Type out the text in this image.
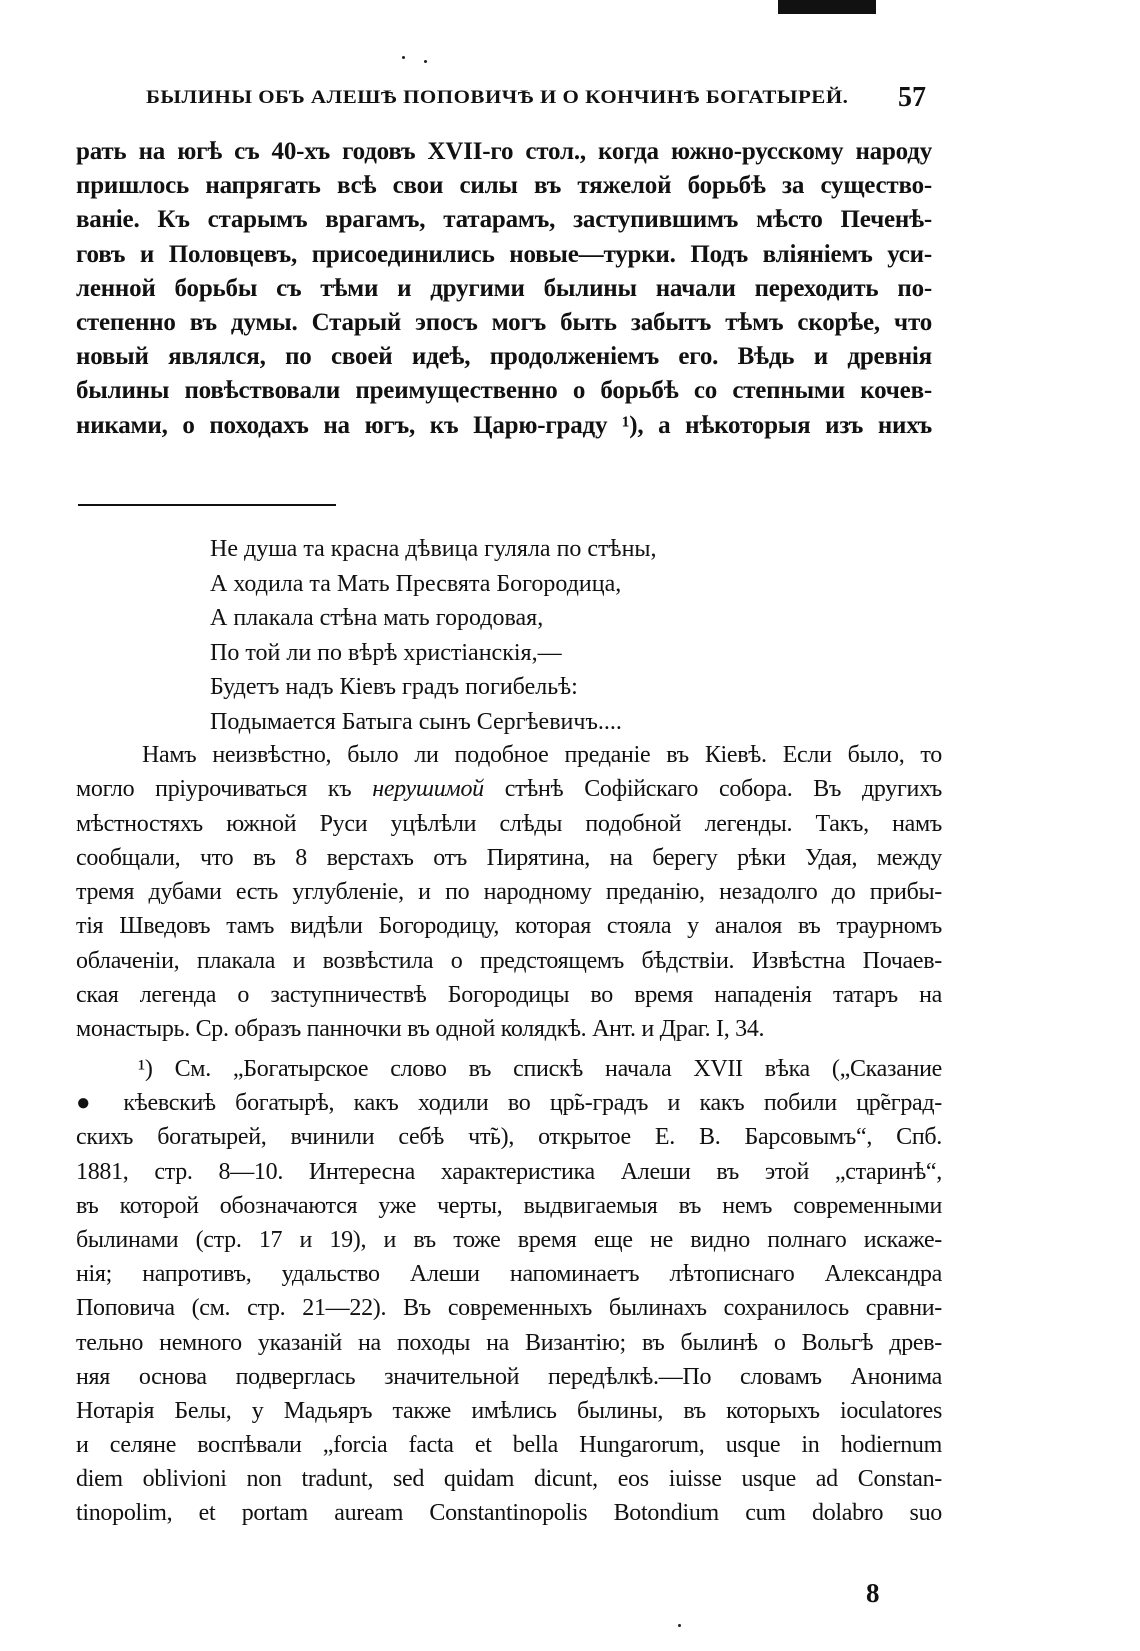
БЫЛИНЫ ОБЪ АЛЕШѢ ПОПОВИЧѢ И О КОНЧИНѢ БОГАТЫРЕЙ. 57
рать на югѣ съ 40-хъ годовъ XVII-го стол., когда южно-русскому народу
пришлось напрягать всѣ свои силы въ тяжелой борьбѣ за существо-
ваніе. Къ старымъ врагамъ, татарамъ, заступившимъ мѣсто Печенѣ-
говъ и Половцевъ, присоединились новые—турки. Подъ вліяніемъ уси-
ленной борьбы съ тѣми и другими былины начали переходить по-
степенно въ думы. Старый эпосъ могъ быть забытъ тѣмъ скорѣе, что
новый являлся, по своей идеѣ, продолженіемъ его. Вѣдь и древнія
былины повѣствовали преимущественно о борьбѣ со степными кочев-
никами, о походахъ на югъ, къ Царю-граду ¹), а нѣкоторыя изъ нихъ
Не душа та красна дѣвица гуляла по стѣны,
А ходила та Мать Пресвята Богородица,
А плакала стѣна мать городовая,
По той ли по вѣрѣ христіанскія,—
Будетъ надъ Кіевъ градъ погибельѣ:
Подымается Батыга сынъ Сергѣевичъ....
Намъ неизвѣстно, было ли подобное преданіе въ Кіевѣ. Если было, то
могло пріурочиваться къ нерушимой стѣнѣ Софійскаго собора. Въ другихъ
мѣстностяхъ южной Руси уцѣлѣли слѣды подобной легенды. Такъ, намъ
сообщали, что въ 8 верстахъ отъ Пирятина, на берегу рѣки Удая, между
тремя дубами есть углубленіе, и по народному преданію, незадолго до прибы-
тія Шведовъ тамъ видѣли Богородицу, которая стояла у аналоя въ траурномъ
облаченіи, плакала и возвѣстила о предстоящемъ бѣдствіи. Извѣстна Почаев-
ская легенда о заступничествѣ Богородицы во время нападенія татаръ на
монастырь. Ср. образъ панночки въ одной колядкѣ. Ант. и Драг. I, 34.
¹) См. „Богатырское слово въ спискѣ начала XVII вѣка („Сказание
● кѣевскиѣ богатырѣ, какъ ходили во цр̃ь-градъ и какъ побили цр̃еград-
скихъ богатырей, вчинили себѣ чт̃ь), открытое Е. В. Барсовымъ“, Спб.
1881, стр. 8—10. Интересна характеристика Алеши въ этой „старинѣ“,
въ которой обозначаются уже черты, выдвигаемыя въ немъ современными
былинами (стр. 17 и 19), и въ тоже время еще не видно полнаго искаже-
нія; напротивъ, удальство Алеши напоминаетъ лѣтописнаго Александра
Поповича (см. стр. 21—22). Въ современныхъ былинахъ сохранилось сравни-
тельно немного указаній на походы на Византію; въ былинѣ о Вольгѣ древ-
няя основа подверглась значительной передѣлкѣ.—По словамъ Анонима
Нотарія Белы, у Мадьяръ также имѣлись былины, въ которыхъ ioculatores
и селяне воспѣвали „forcia facta et bella Hungarorum, usque in hodiernum
diem oblivioni non tradunt, sed quidam dicunt, eos iuisse usque ad Constan-
tinopolim, et portam auream Constantinopolis Botondium cum dolabro suo
8
